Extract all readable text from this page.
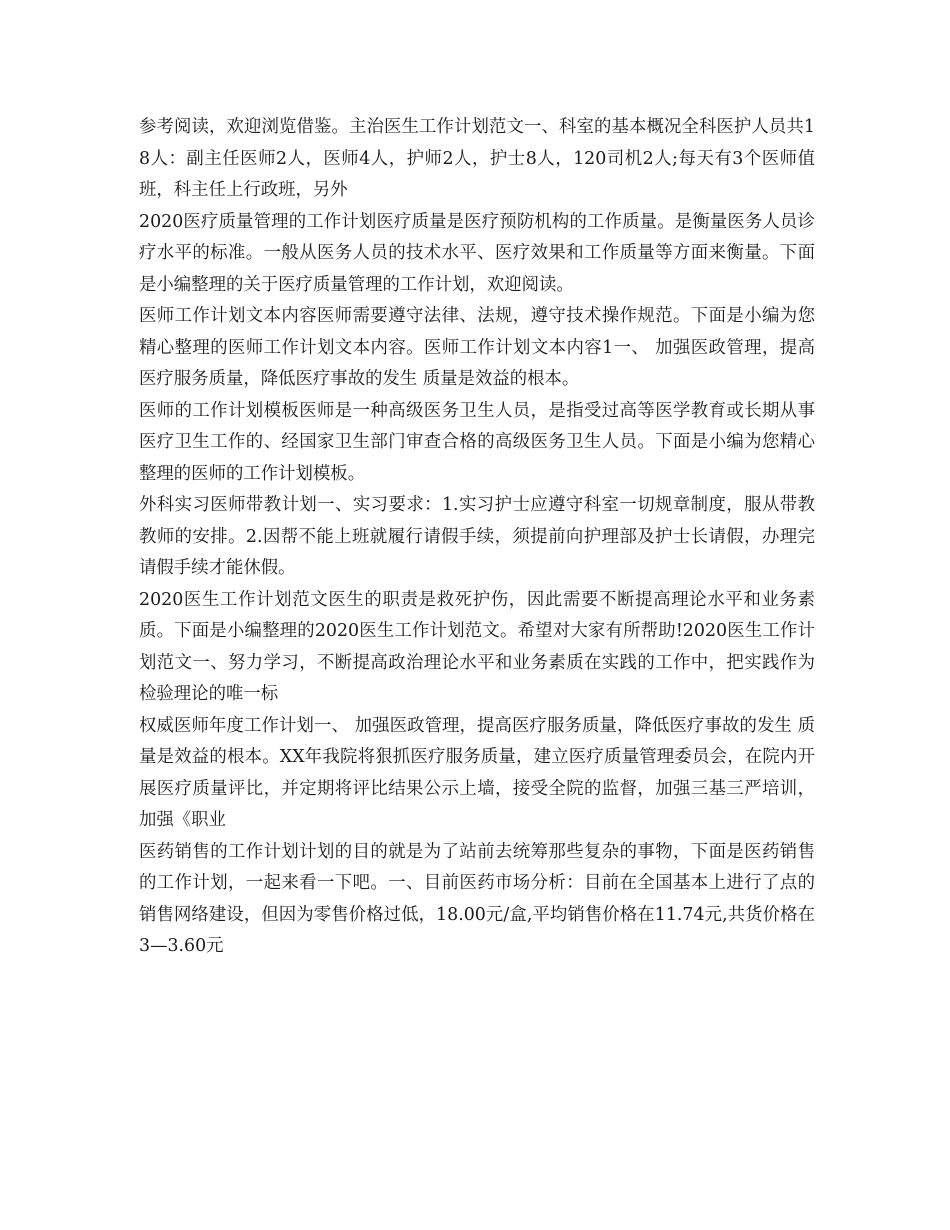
参考阅读，欢迎浏览借鉴。主治医生工作计划范文一、科室的基本概况全科医护人员共18人：副主任医师2人，医师4人，护师2人，护士8人，120司机2人;每天有3个医师值班，科主任上行政班，另外

2020医疗质量管理的工作计划医疗质量是医疗预防机构的工作质量。是衡量医务人员诊疗水平的标准。一般从医务人员的技术水平、医疗效果和工作质量等方面来衡量。下面是小编整理的关于医疗质量管理的工作计划，欢迎阅读。

医师工作计划文本内容医师需要遵守法律、法规，遵守技术操作规范。下面是小编为您精心整理的医师工作计划文本内容。医师工作计划文本内容1一、 加强医政管理，提高医疗服务质量，降低医疗事故的发生 质量是效益的根本。

医师的工作计划模板医师是一种高级医务卫生人员，是指受过高等医学教育或长期从事医疗卫生工作的、经国家卫生部门审查合格的高级医务卫生人员。下面是小编为您精心整理的医师的工作计划模板。

外科实习医师带教计划一、实习要求：1.实习护士应遵守科室一切规章制度，服从带教教师的安排。2.因帮不能上班就履行请假手续，须提前向护理部及护士长请假，办理完请假手续才能休假。

2020医生工作计划范文医生的职责是救死护伤，因此需要不断提高理论水平和业务素质。下面是小编整理的2020医生工作计划范文。希望对大家有所帮助!2020医生工作计划范文一、努力学习，不断提高政治理论水平和业务素质在实践的工作中，把实践作为检验理论的唯一标

权威医师年度工作计划一、 加强医政管理，提高医疗服务质量，降低医疗事故的发生 质量是效益的根本。XX年我院将狠抓医疗服务质量，建立医疗质量管理委员会，在院内开展医疗质量评比，并定期将评比结果公示上墙，接受全院的监督，加强三基三严培训，加强《职业

医药销售的工作计划计划的目的就是为了站前去统筹那些复杂的事物，下面是医药销售的工作计划，一起来看一下吧。一、目前医药市场分析：目前在全国基本上进行了点的销售网络建设，但因为零售价格过低，18.00元/盒,平均销售价格在11.74元,共货价格在3—3.60元
